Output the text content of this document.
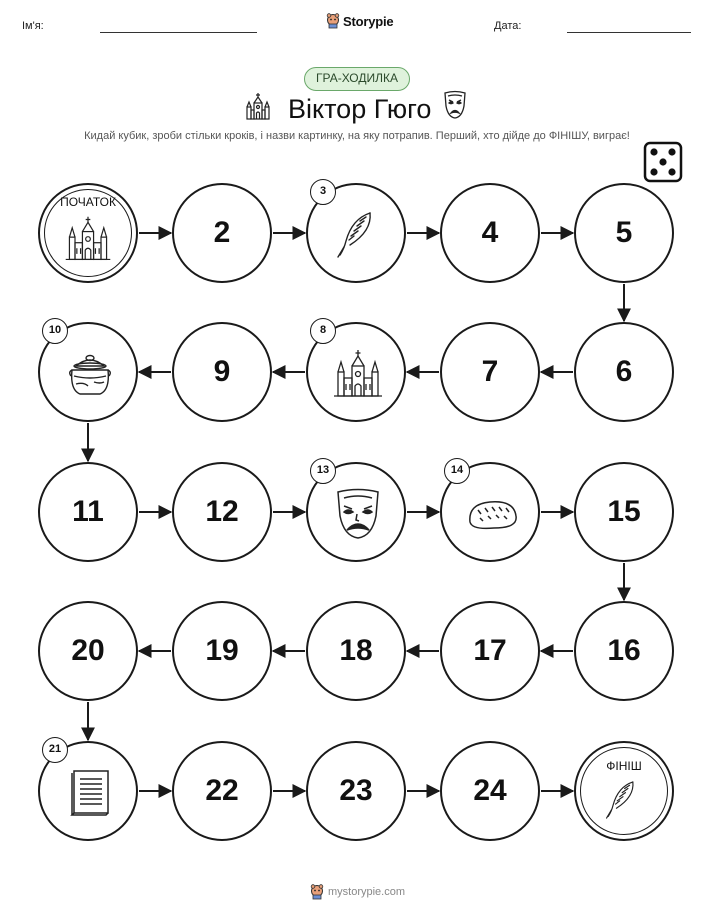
Ім'я:	Storypie	Дата:
ГРА-ХОДИЛКА
Віктор Гюго
Кидай кубик, зроби стільки кроків, і назви картинку, на яку потрапив. Перший, хто дійде до ФІНІШУ, виграє!
ПОЧАТОК
2
3
4	5
6
7
8
9
10
11	12
13	14
15
16
17
18
19
20
21
22	23	24
ФІНІШ
mystorypie.com
